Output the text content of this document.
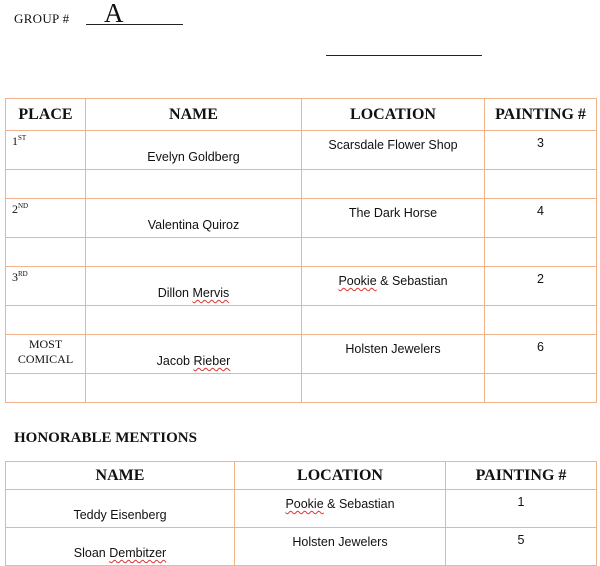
GROUP # A
PLACE	NAME	LOCATION	PAINTING #
1ST	Evelyn Goldberg	Scarsdale Flower Shop	3

2ND	Valentina Quiroz	The Dark Horse	4

3RD	Dillon Mervis	Pookie & Sebastian	2

MOST
COMICAL	Jacob Rieber	Holsten Jewelers	6

HONORABLE MENTIONS
NAME	LOCATION	PAINTING #
Teddy Eisenberg	Pookie & Sebastian	1
Sloan Dembitzer	Holsten Jewelers	5
